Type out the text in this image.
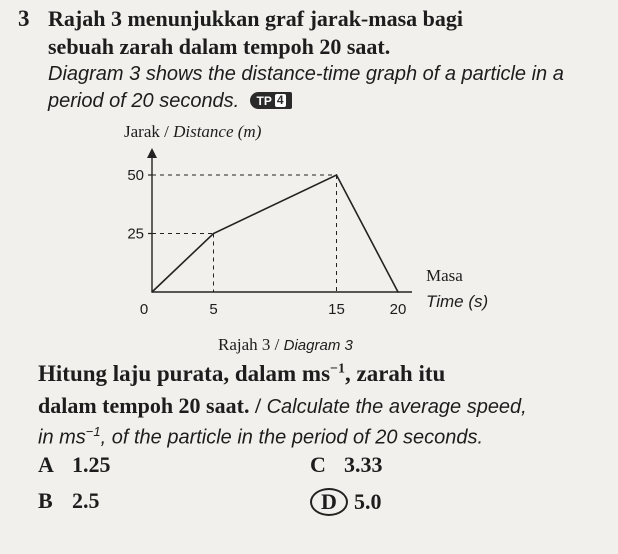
3 Rajah 3 menunjukkan graf jarak-masa bagi
sebuah zarah dalam tempoh 20 saat.
Diagram 3 shows the distance-time graph of a particle in a
period of 20 seconds. TP 4
Jarak / Distance (m)
25
50
0	5	15	20
Masa
Time (s)
Rajah 3 / Diagram 3
Hitung laju purata, dalam $ms^{-1}$, zarah itu
dalam tempoh 20 saat. / Calculate the average speed,
in $ms^{-1}$, of the particle in the period of 20 seconds.
A 1.25
B 2.5
C 3.33
D 5.0
